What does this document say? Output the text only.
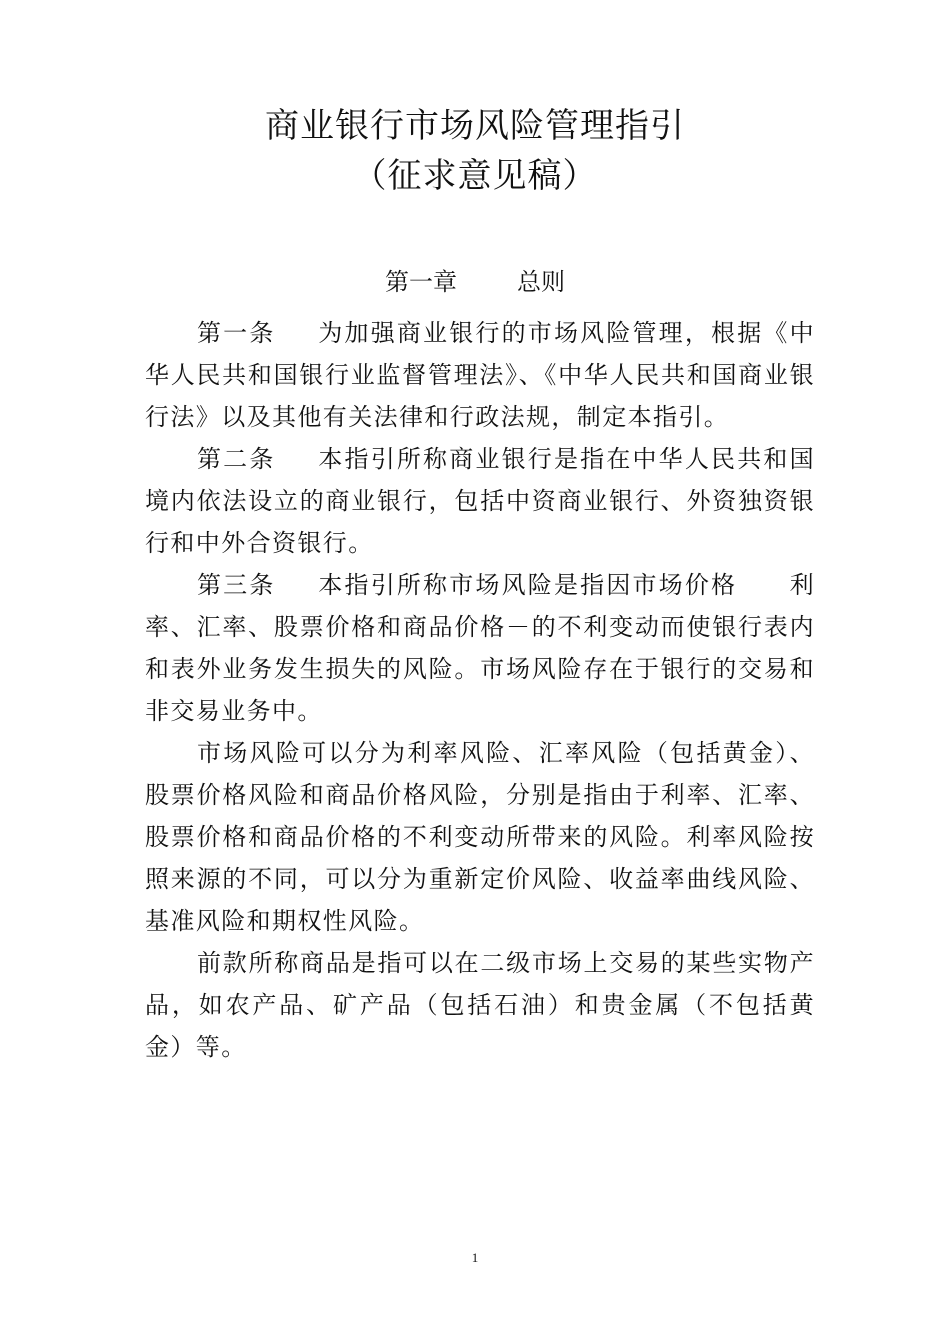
商业银行市场风险管理指引
（征求意见稿）
第一章	总则

第一条 为加强商业银行的市场风险管理，根据《中华人民共和国银行业监督管理法》、《中华人民共和国商业银行法》以及其他有关法律和行政法规，制定本指引。

第二条 本指引所称商业银行是指在中华人民共和国境内依法设立的商业银行，包括中资商业银行、外资独资银行和中外合资银行。

第三条 本指引所称市场风险是指因市场价格　　利率、汇率、股票价格和商品价格－的不利变动而使银行表内和表外业务发生损失的风险。市场风险存在于银行的交易和非交易业务中。

市场风险可以分为利率风险、汇率风险（包括黄金）、股票价格风险和商品价格风险，分别是指由于利率、汇率、股票价格和商品价格的不利变动所带来的风险。利率风险按照来源的不同，可以分为重新定价风险、收益率曲线风险、基准风险和期权性风险。

前款所称商品是指可以在二级市场上交易的某些实物产品，如农产品、矿产品（包括石油）和贵金属（不包括黄金）等。

1
